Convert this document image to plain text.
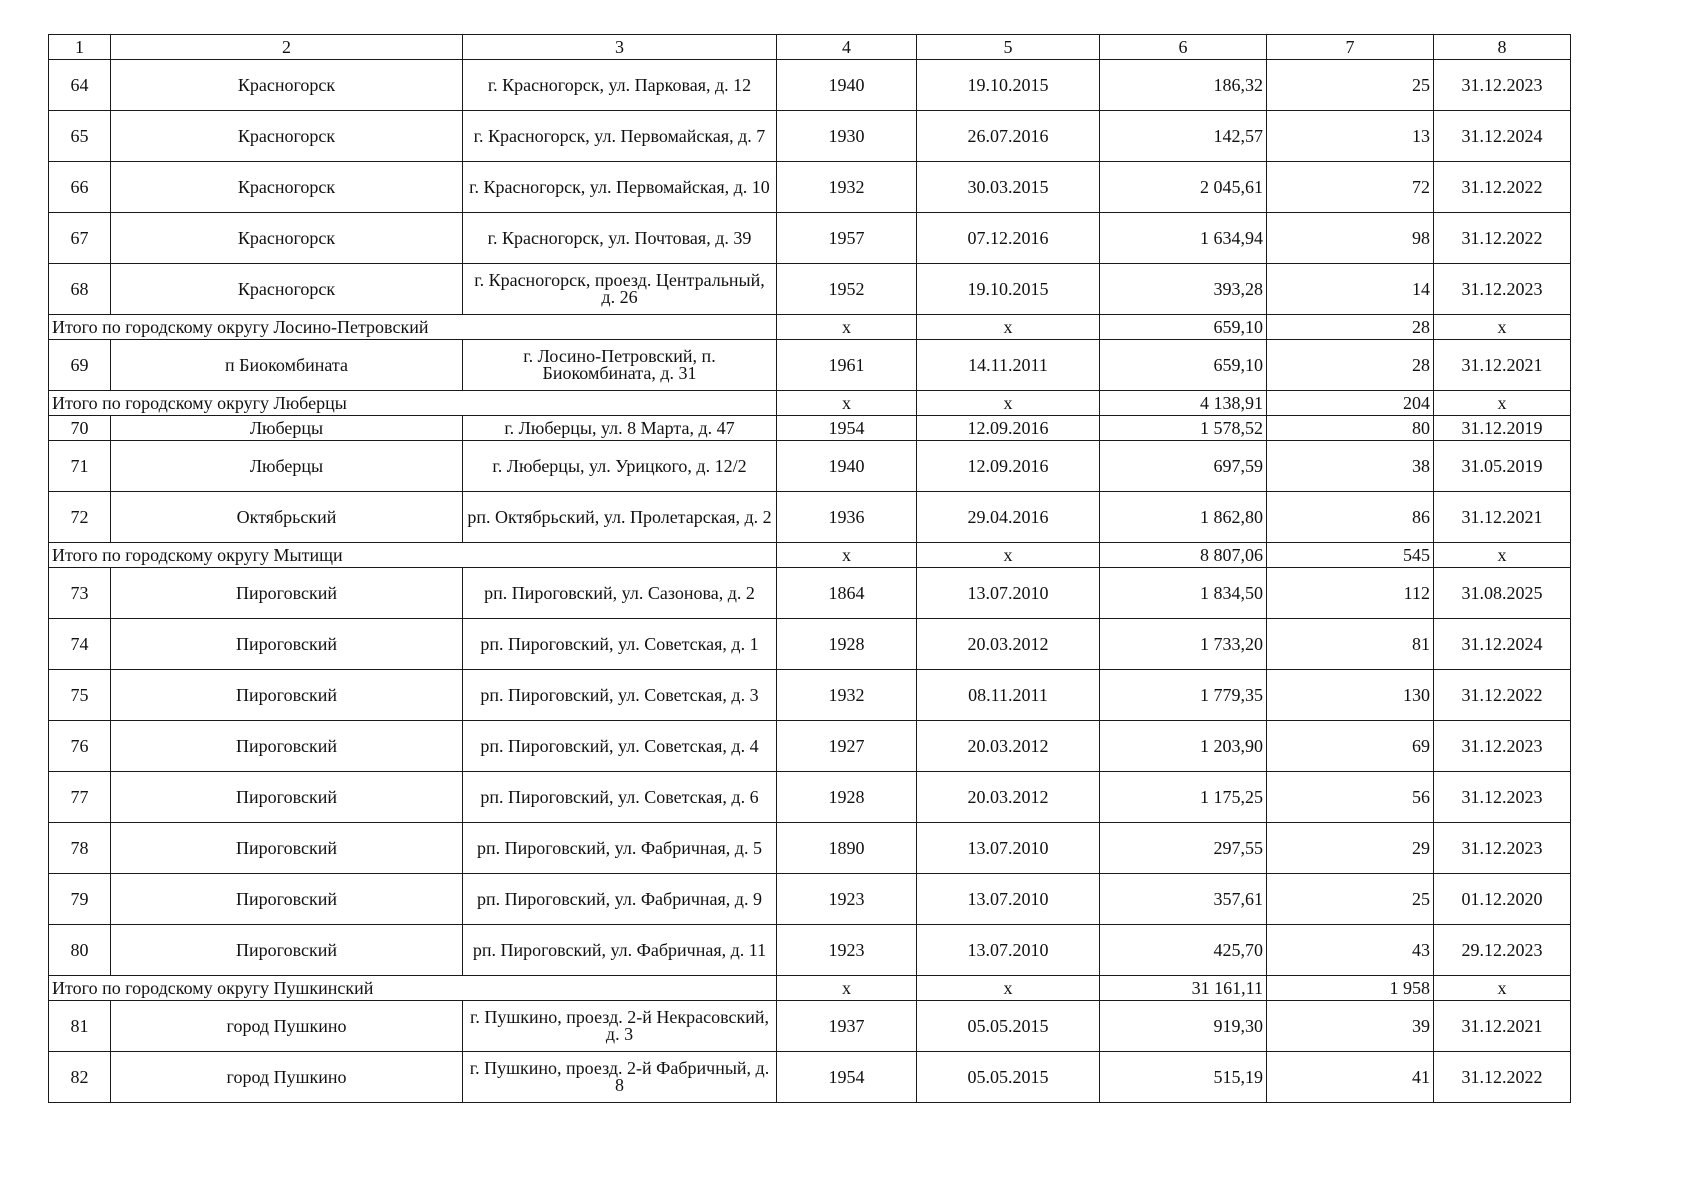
1	2	3	4	5	6	7	8
64	Красногорск	г. Красногорск, ул. Парковая, д. 12	1940	19.10.2015	186,32	25	31.12.2023
65	Красногорск	г. Красногорск, ул. Первомайская, д. 7	1930	26.07.2016	142,57	13	31.12.2024
66	Красногорск	г. Красногорск, ул. Первомайская, д. 10	1932	30.03.2015	2 045,61	72	31.12.2022
67	Красногорск	г. Красногорск, ул. Почтовая, д. 39	1957	07.12.2016	1 634,94	98	31.12.2022
68	Красногорск	г. Красногорск, проезд. Центральный, д. 26	1952	19.10.2015	393,28	14	31.12.2023
Итого по городскому округу Лосино-Петровский			х	х	659,10	28	х
69	п Биокомбината	г. Лосино-Петровский, п. Биокомбината, д. 31	1961	14.11.2011	659,10	28	31.12.2021
Итого по городскому округу Люберцы			х	х	4 138,91	204	х
70	Люберцы	г. Люберцы, ул. 8 Марта, д. 47	1954	12.09.2016	1 578,52	80	31.12.2019
71	Люберцы	г. Люберцы, ул. Урицкого, д. 12/2	1940	12.09.2016	697,59	38	31.05.2019
72	Октябрьский	рп. Октябрьский, ул. Пролетарская, д. 2	1936	29.04.2016	1 862,80	86	31.12.2021
Итого по городскому округу Мытищи			х	х	8 807,06	545	х
73	Пироговский	рп. Пироговский, ул. Сазонова, д. 2	1864	13.07.2010	1 834,50	112	31.08.2025
74	Пироговский	рп. Пироговский, ул. Советская, д. 1	1928	20.03.2012	1 733,20	81	31.12.2024
75	Пироговский	рп. Пироговский, ул. Советская, д. 3	1932	08.11.2011	1 779,35	130	31.12.2022
76	Пироговский	рп. Пироговский, ул. Советская, д. 4	1927	20.03.2012	1 203,90	69	31.12.2023
77	Пироговский	рп. Пироговский, ул. Советская, д. 6	1928	20.03.2012	1 175,25	56	31.12.2023
78	Пироговский	рп. Пироговский, ул. Фабричная, д. 5	1890	13.07.2010	297,55	29	31.12.2023
79	Пироговский	рп. Пироговский, ул. Фабричная, д. 9	1923	13.07.2010	357,61	25	01.12.2020
80	Пироговский	рп. Пироговский, ул. Фабричная, д. 11	1923	13.07.2010	425,70	43	29.12.2023
Итого по городскому округу Пушкинский			х	х	31 161,11	1 958	х
81	город Пушкино	г. Пушкино, проезд. 2-й Некрасовский, д. 3	1937	05.05.2015	919,30	39	31.12.2021
82	город Пушкино	г. Пушкино, проезд. 2-й Фабричный, д. 8	1954	05.05.2015	515,19	41	31.12.2022
